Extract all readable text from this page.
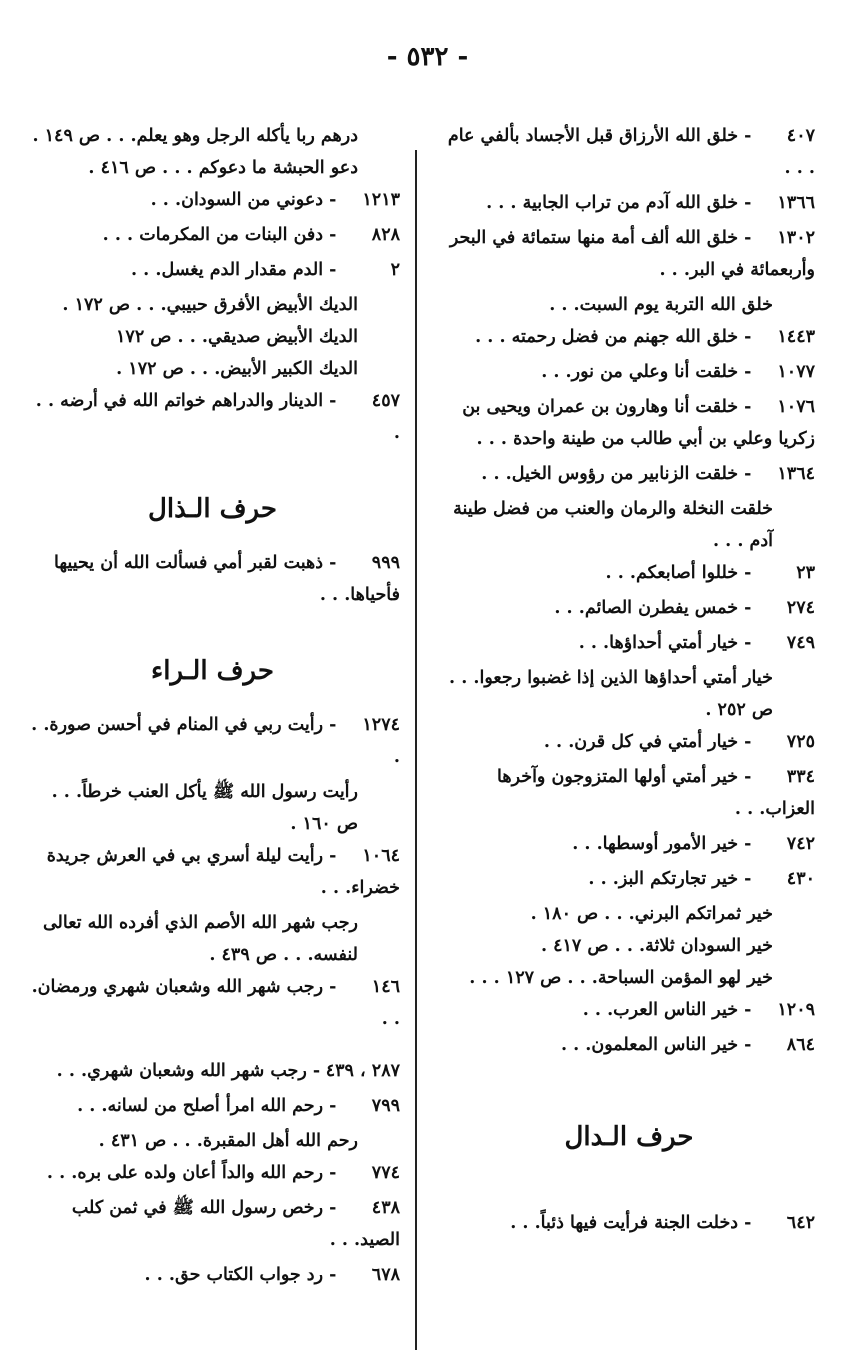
- ٥٣٢ -
٤٠٧ - خلق الله الأرزاق قبل الأجساد بألفي عام . . .
١٣٦٦ - خلق الله آدم من تراب الجابية . . .
١٣٠٢ - خلق الله ألف أمة منها ستمائة في البحر وأربعمائة في البر. . .
خلق الله التربة يوم السبت. . .
١٤٤٣ - خلق الله جهنم من فضل رحمته . . .
١٠٧٧ - خلقت أنا وعلي من نور. . .
١٠٧٦ - خلقت أنا وهارون بن عمران ويحيى بن زكريا وعلي بن أبي طالب من طينة واحدة . . .
١٣٦٤ - خلقت الزنابير من رؤوس الخيل. . .
خلقت النخلة والرمان والعنب من فضل طينة آدم . . .
٢٣ - خللوا أصابعكم. . .
٢٧٤ - خمس يفطرن الصائم. . .
٧٤٩ - خيار أمتي أحداؤها. . .
خيار أمتي أحداؤها الذين إذا غضبوا رجعوا. . . ص ٢٥٢ .
٧٢٥ - خيار أمتي في كل قرن. . .
٣٣٤ - خير أمتي أولها المتزوجون وآخرها العزاب. . .
٧٤٢ - خير الأمور أوسطها. . .
٤٣٠ - خير تجارتكم البز. . .
خير ثمراتكم البرني. . . ص ١٨٠ .
خير السودان ثلاثة. . . ص ٤١٧ .
خير لهو المؤمن السباحة. . . ص ١٢٧ . . .
١٢٠٩ - خير الناس العرب. . .
٨٦٤ - خير الناس المعلمون. . .
حرف الـدال
٦٤٢ - دخلت الجنة فرأيت فيها ذئباً. . .
درهم ربا يأكله الرجل وهو يعلم. . . ص ١٤٩ .
دعو الحبشة ما دعوكم . . . ص ٤١٦ .
١٢١٣ - دعوني من السودان. . .
٨٢٨ - دفن البنات من المكرمات . . .
٢ - الدم مقدار الدم يغسل. . .
الديك الأبيض الأفرق حبيبي. . . ص ١٧٢ .
الديك الأبيض صديقي. . . ص ١٧٢
الديك الكبير الأبيض. . . ص ١٧٢ .
٤٥٧ - الدينار والدراهم خواتم الله في أرضه . . .
حرف الـذال
٩٩٩ - ذهبت لقبر أمي فسألت الله أن يحييها فأحياها. . .
حرف الـراء
١٢٧٤ - رأيت ربي في المنام في أحسن صورة. . .
رأيت رسول الله ﷺ يأكل العنب خرطاً. . . ص ١٦٠ .
١٠٦٤ - رأيت ليلة أسري بي في العرش جريدة خضراء. . .
رجب شهر الله الأصم الذي أفرده الله تعالى لنفسه. . . ص ٤٣٩ .
١٤٦ - رجب شهر الله وشعبان شهري ورمضان. . .
٢٨٧ ، ٤٣٩ - رجب شهر الله وشعبان شهري. . .
٧٩٩ - رحم الله امرأ أصلح من لسانه. . .
رحم الله أهل المقبرة. . . ص ٤٣١ .
٧٧٤ - رحم الله والداً أعان ولده على بره. . .
٤٣٨ - رخص رسول الله ﷺ في ثمن كلب الصيد. . .
٦٧٨ - رد جواب الكتاب حق. . .
